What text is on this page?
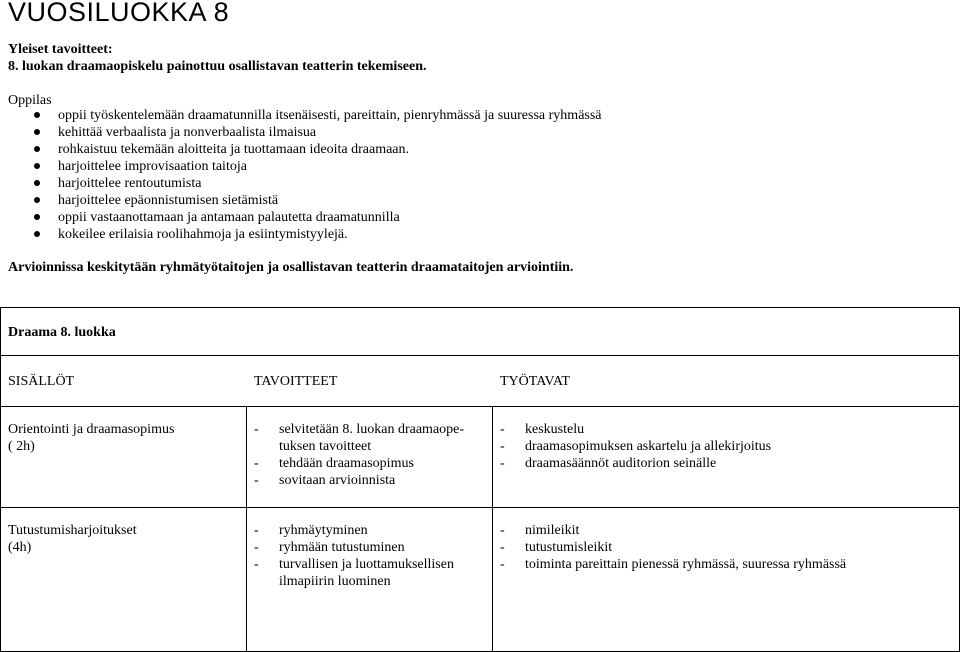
VUOSILUOKKA 8
Yleiset tavoitteet:
8. luokan draamaopiskelu painottuu osallistavan teatterin tekemiseen.
Oppilas
oppii työskentelemään draamatunnilla itsenäisesti, pareittain, pienryhmässä ja suuressa ryhmässä
kehittää verbaalista ja nonverbaalista ilmaisua
rohkaistuu tekemään aloitteita ja tuottamaan ideoita draamaan.
harjoittelee improvisaation taitoja
harjoittelee rentoutumista
harjoittelee epäonnistumisen sietämistä
oppii vastaanottamaan ja antamaan palautetta draamatunnilla
kokeilee erilaisia roolihahmoja ja esiintymistyylejä.
Arvioinnissa keskitytään ryhmätyötaitojen ja osallistavan teatterin draamataitojen arviointiin.
Draama 8. luokka
SISÄLLÖT	TAVOITTEET	TYÖTAVAT
Orientointi ja draamasopimus
( 2h)
- selvitetään 8. luokan draamaope-
tuksen tavoitteet
- tehdään draamasopimus
- sovitaan arvioinnista
- keskustelu
- draamasopimuksen askartelu ja allekirjoitus
- draamasäännöt auditorion seinälle
Tutustumisharjoitukset
(4h)
- ryhmäytyminen
- ryhmään tutustuminen
- turvallisen ja luottamuksellisen
ilmapiirin luominen
- nimileikit
- tutustumisleikit
- toiminta pareittain pienessä ryhmässä, suuressa ryhmässä
